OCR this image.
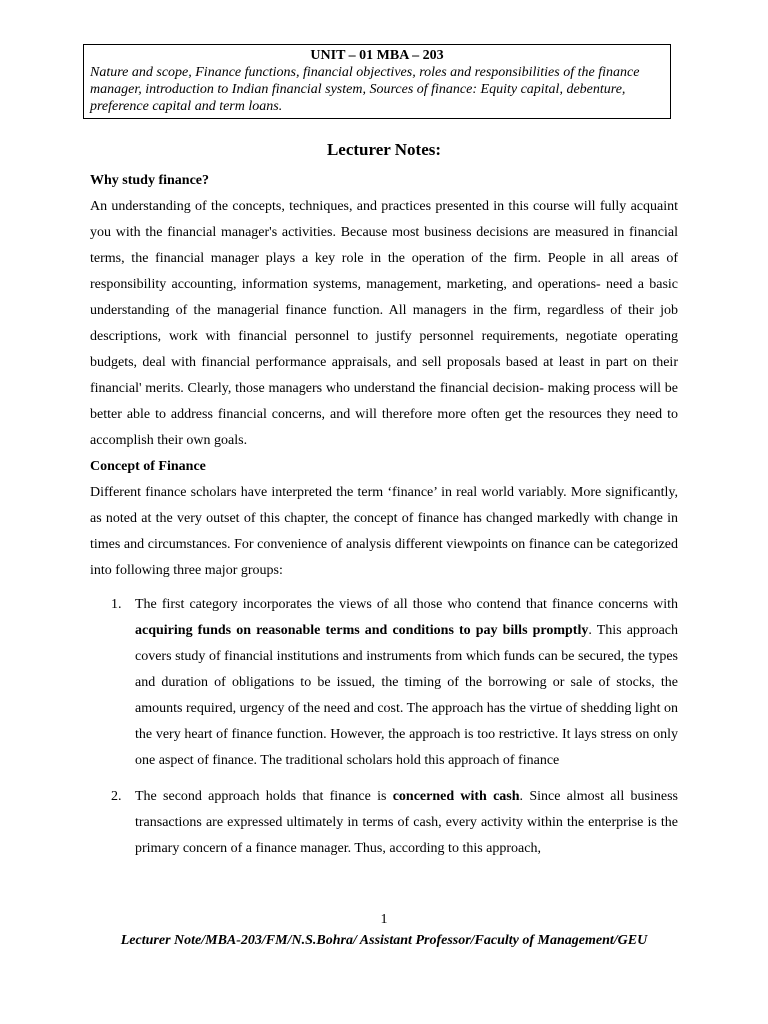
UNIT – 01 MBA – 203
Nature and scope, Finance functions, financial objectives, roles and responsibilities of the finance manager, introduction to Indian financial system, Sources of finance: Equity capital, debenture, preference capital and term loans.
Lecturer Notes:

Why study finance?

An understanding of the concepts, techniques, and practices presented in this course will fully acquaint you with the financial manager's activities. Because most business decisions are measured in financial terms, the financial manager plays a key role in the operation of the firm. People in all areas of responsibility accounting, information systems, management, marketing, and operations- need a basic understanding of the managerial finance function. All managers in the firm, regardless of their job descriptions, work with financial personnel to justify personnel requirements, negotiate operating budgets, deal with financial performance appraisals, and sell proposals based at least in part on their financial' merits. Clearly, those managers who understand the financial decision- making process will be better able to address financial concerns, and will therefore more often get the resources they need to accomplish their own goals.

Concept of Finance

Different finance scholars have interpreted the term ‘finance’ in real world variably. More significantly, as noted at the very outset of this chapter, the concept of finance has changed markedly with change in times and circumstances. For convenience of analysis different viewpoints on finance can be categorized into following three major groups:

1. The first category incorporates the views of all those who contend that finance concerns with acquiring funds on reasonable terms and conditions to pay bills promptly. This approach covers study of financial institutions and instruments from which funds can be secured, the types and duration of obligations to be issued, the timing of the borrowing or sale of stocks, the amounts required, urgency of the need and cost. The approach has the virtue of shedding light on the very heart of finance function. However, the approach is too restrictive. It lays stress on only one aspect of finance. The traditional scholars hold this approach of finance
2. The second approach holds that finance is concerned with cash. Since almost all business transactions are expressed ultimately in terms of cash, every activity within the enterprise is the primary concern of a finance manager. Thus, according to this approach,
1
Lecturer Note/MBA-203/FM/N.S.Bohra/ Assistant Professor/Faculty of Management/GEU
